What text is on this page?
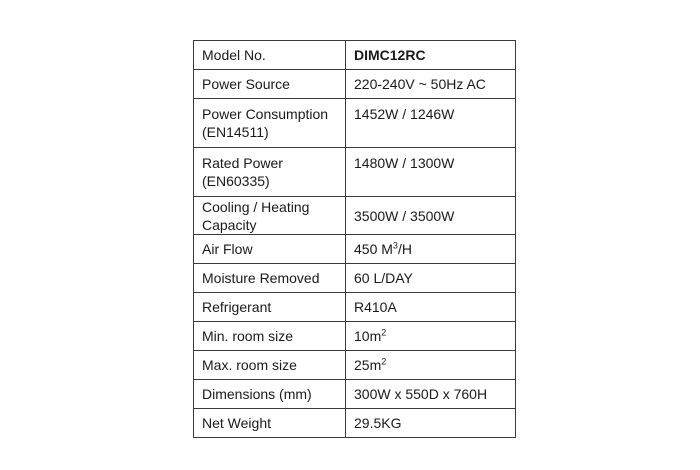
Model No.	DIMC12RC
Power Source	220-240V ~ 50Hz AC
Power Consumption
(EN14511)	1452W / 1246W
Rated Power
(EN60335)	1480W / 1300W
Cooling / Heating
Capacity	3500W / 3500W
Air Flow	450 $M^3/H$
Moisture Removed	60 L/DAY
Refrigerant	R410A
Min. room size	$10m^2$
Max. room size	$25m^2$
Dimensions (mm)	300W x 550D x 760H
Net Weight	29.5KG
